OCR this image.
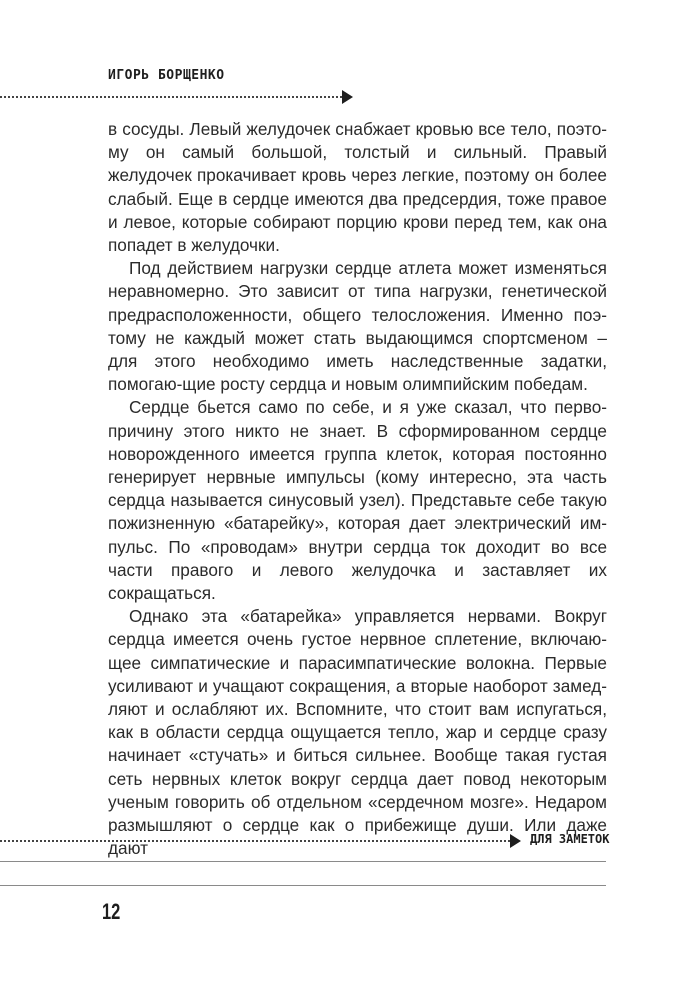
ИГОРЬ БОРЩЕНКО

в сосуды. Левый желудочек снабжает кровью все тело, поэто-му он самый большой, толстый и сильный. Правый желудочек прокачивает кровь через легкие, поэтому он более слабый. Еще в сердце имеются два предсердия, тоже правое и левое, которые собирают порцию крови перед тем, как она попадет в желудочки.

Под действием нагрузки сердце атлета может изменяться неравномерно. Это зависит от типа нагрузки, генетической предрасположенности, общего телосложения. Именно поэ-тому не каждый может стать выдающимся спортсменом – для этого необходимо иметь наследственные задатки, помогаю-щие росту сердца и новым олимпийским победам.

Сердце бьется само по себе, и я уже сказал, что перво-причину этого никто не знает. В сформированном сердце новорожденного имеется группа клеток, которая постоянно генерирует нервные импульсы (кому интересно, эта часть сердца называется синусовый узел). Представьте себе такую пожизненную «батарейку», которая дает электрический им-пульс. По «проводам» внутри сердца ток доходит во все части правого и левого желудочка и заставляет их сокращаться.

Однако эта «батарейка» управляется нервами. Вокруг сердца имеется очень густое нервное сплетение, включаю-щее симпатические и парасимпатические волокна. Первые усиливают и учащают сокращения, а вторые наоборот замед-ляют и ослабляют их. Вспомните, что стоит вам испугаться, как в области сердца ощущается тепло, жар и сердце сразу начинает «стучать» и биться сильнее. Вообще такая густая сеть нервных клеток вокруг сердца дает повод некоторым ученым говорить об отдельном «сердечном мозге». Недаром размышляют о сердце как о прибежище души. Или даже дают	ДЛЯ ЗАМЕТОК
12
